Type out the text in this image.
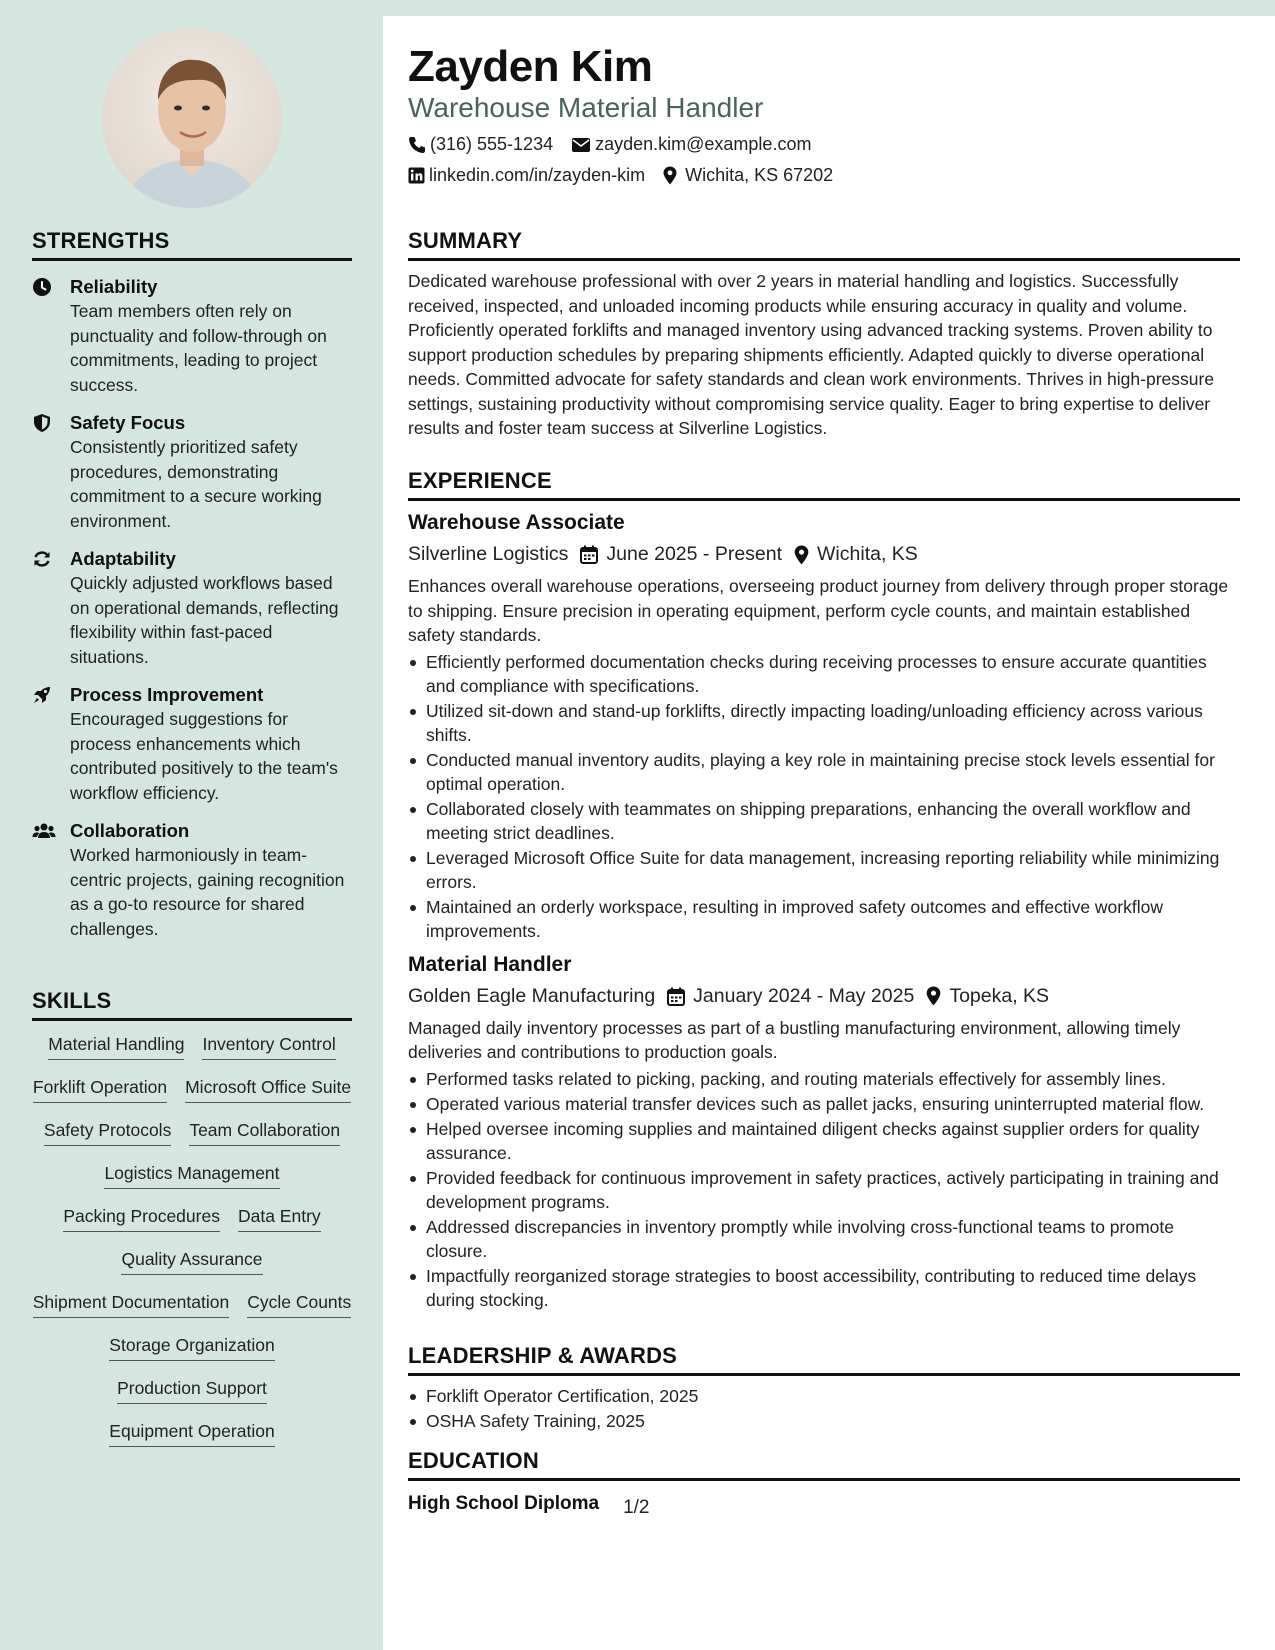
STRENGTHS
Reliability
Team members often rely on punctuality and follow-through on commitments, leading to project success.
Safety Focus
Consistently prioritized safety procedures, demonstrating commitment to a secure working environment.
Adaptability
Quickly adjusted workflows based on operational demands, reflecting flexibility within fast-paced situations.
Process Improvement
Encouraged suggestions for process enhancements which contributed positively to the team's workflow efficiency.
Collaboration
Worked harmoniously in team-centric projects, gaining recognition as a go-to resource for shared challenges.
SKILLS
Material Handling Inventory Control
Forklift Operation Microsoft Office Suite
Safety Protocols Team Collaboration
Logistics Management
Packing Procedures Data Entry
Quality Assurance
Shipment Documentation Cycle Counts
Storage Organization
Production Support
Equipment Operation
Zayden Kim
Warehouse Material Handler
(316) 555-1234 zayden.kim@example.com
linkedin.com/in/zayden-kim Wichita, KS 67202
SUMMARY
Dedicated warehouse professional with over 2 years in material handling and logistics. Successfully received, inspected, and unloaded incoming products while ensuring accuracy in quality and volume. Proficiently operated forklifts and managed inventory using advanced tracking systems. Proven ability to support production schedules by preparing shipments efficiently. Adapted quickly to diverse operational needs. Committed advocate for safety standards and clean work environments. Thrives in high-pressure settings, sustaining productivity without compromising service quality. Eager to bring expertise to deliver results and foster team success at Silverline Logistics.
EXPERIENCE
Warehouse Associate
Silverline Logistics June 2025 - Present Wichita, KS
Enhances overall warehouse operations, overseeing product journey from delivery through proper storage to shipping. Ensure precision in operating equipment, perform cycle counts, and maintain established safety standards.
Efficiently performed documentation checks during receiving processes to ensure accurate quantities and compliance with specifications.
Utilized sit-down and stand-up forklifts, directly impacting loading/unloading efficiency across various shifts.
Conducted manual inventory audits, playing a key role in maintaining precise stock levels essential for optimal operation.
Collaborated closely with teammates on shipping preparations, enhancing the overall workflow and meeting strict deadlines.
Leveraged Microsoft Office Suite for data management, increasing reporting reliability while minimizing errors.
Maintained an orderly workspace, resulting in improved safety outcomes and effective workflow improvements.
Material Handler
Golden Eagle Manufacturing January 2024 - May 2025 Topeka, KS
Managed daily inventory processes as part of a bustling manufacturing environment, allowing timely deliveries and contributions to production goals.
Performed tasks related to picking, packing, and routing materials effectively for assembly lines.
Operated various material transfer devices such as pallet jacks, ensuring uninterrupted material flow.
Helped oversee incoming supplies and maintained diligent checks against supplier orders for quality assurance.
Provided feedback for continuous improvement in safety practices, actively participating in training and development programs.
Addressed discrepancies in inventory promptly while involving cross-functional teams to promote closure.
Impactfully reorganized storage strategies to boost accessibility, contributing to reduced time delays during stocking.
LEADERSHIP & AWARDS
Forklift Operator Certification, 2025
OSHA Safety Training, 2025
EDUCATION
High School Diploma 1/2
